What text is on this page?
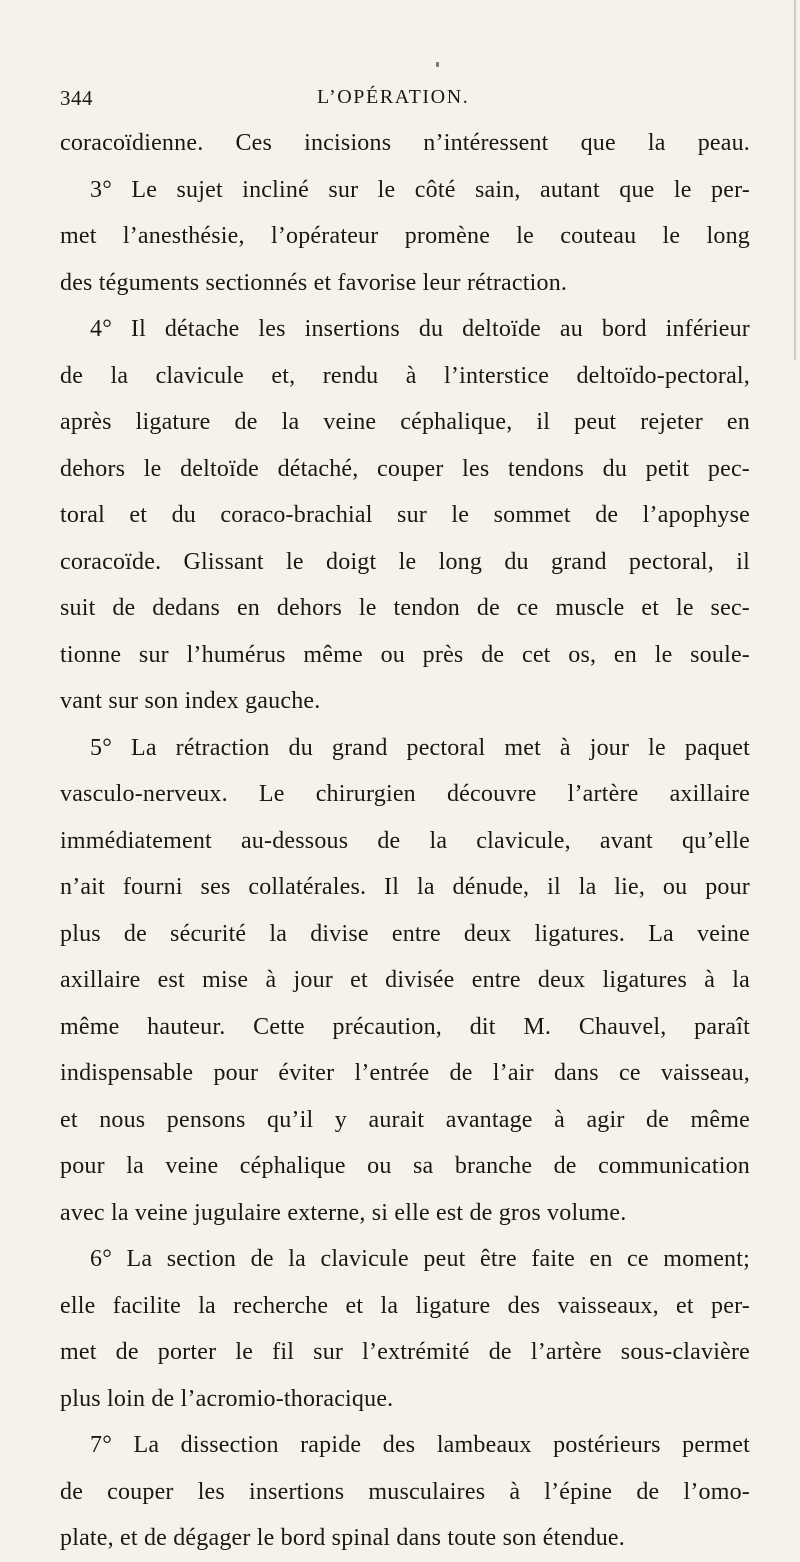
344	L’OPÉRATION.
coracoïdienne. Ces incisions n’intéressent que la peau.
3° Le sujet incliné sur le côté sain, autant que le per-
met l’anesthésie, l’opérateur promène le couteau le long
des téguments sectionnés et favorise leur rétraction.
4° Il détache les insertions du deltoïde au bord inférieur
de la clavicule et, rendu à l’interstice deltoïdo-pectoral,
après ligature de la veine céphalique, il peut rejeter en
dehors le deltoïde détaché, couper les tendons du petit pec-
toral et du coraco-brachial sur le sommet de l’apophyse
coracoïde. Glissant le doigt le long du grand pectoral, il
suit de dedans en dehors le tendon de ce muscle et le sec-
tionne sur l’humérus même ou près de cet os, en le soule-
vant sur son index gauche.
5° La rétraction du grand pectoral met à jour le paquet
vasculo-nerveux. Le chirurgien découvre l’artère axillaire
immédiatement au-dessous de la clavicule, avant qu’elle
n’ait fourni ses collatérales. Il la dénude, il la lie, ou pour
plus de sécurité la divise entre deux ligatures. La veine
axillaire est mise à jour et divisée entre deux ligatures à la
même hauteur. Cette précaution, dit M. Chauvel, paraît
indispensable pour éviter l’entrée de l’air dans ce vaisseau,
et nous pensons qu’il y aurait avantage à agir de même
pour la veine céphalique ou sa branche de communication
avec la veine jugulaire externe, si elle est de gros volume.
6° La section de la clavicule peut être faite en ce moment;
elle facilite la recherche et la ligature des vaisseaux, et per-
met de porter le fil sur l’extrémité de l’artère sous-clavière
plus loin de l’acromio-thoracique.
7° La dissection rapide des lambeaux postérieurs permet
de couper les insertions musculaires à l’épine de l’omo-
plate, et de dégager le bord spinal dans toute son étendue.
